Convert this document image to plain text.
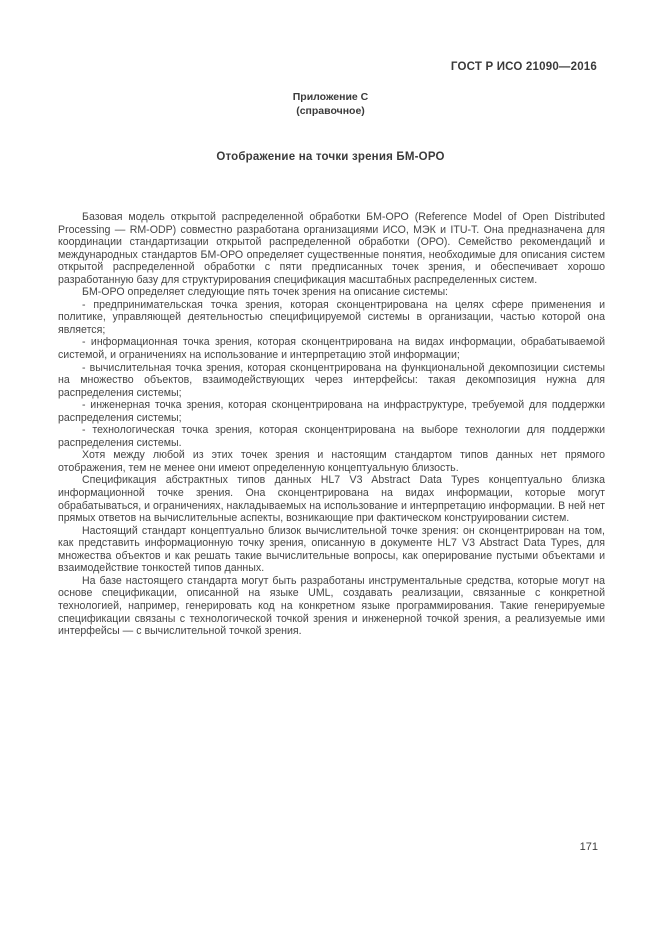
ГОСТ Р ИСО 21090—2016
Приложение С
(справочное)
Отображение на точки зрения БМ-ОРО

Базовая модель открытой распределенной обработки БМ-ОРО (Reference Model of Open Distributed Processing — RM-ODP) совместно разработана организациями ИСО, МЭК и ITU-T. Она предназначена для координации стандартизации открытой распределенной обработки (ОРО). Семейство рекомендаций и международных стандартов БМ-ОРО определяет существенные понятия, необходимые для описания систем открытой распределенной обработки с пяти предписанных точек зрения, и обеспечивает хорошо разработанную базу для структурирования спецификация масштабных распределенных систем.

БМ-ОРО определяет следующие пять точек зрения на описание системы:

- предпринимательская точка зрения, которая сконцентрирована на целях сфере применения и политике, управляющей деятельностью специфицируемой системы в организации, частью которой она является;

- информационная точка зрения, которая сконцентрирована на видах информации, обрабатываемой системой, и ограничениях на использование и интерпретацию этой информации;

- вычислительная точка зрения, которая сконцентрирована на функциональной декомпозиции системы на множество объектов, взаимодействующих через интерфейсы: такая декомпозиция нужна для распределения системы;

- инженерная точка зрения, которая сконцентрирована на инфраструктуре, требуемой для поддержки распределения системы;

- технологическая точка зрения, которая сконцентрирована на выборе технологии для поддержки распределения системы.

Хотя между любой из этих точек зрения и настоящим стандартом типов данных нет прямого отображения, тем не менее они имеют определенную концептуальную близость.

Спецификация абстрактных типов данных HL7 V3 Abstract Data Types концептуально близка информационной точке зрения. Она сконцентрирована на видах информации, которые могут обрабатываться, и ограничениях, накладываемых на использование и интерпретацию информации. В ней нет прямых ответов на вычислительные аспекты, возникающие при фактическом конструировании систем.

Настоящий стандарт концептуально близок вычислительной точке зрения: он сконцентрирован на том, как представить информационную точку зрения, описанную в документе HL7 V3 Abstract Data Types, для множества объектов и как решать такие вычислительные вопросы, как оперирование пустыми объектами и взаимодействие тонкостей типов данных.

На базе настоящего стандарта могут быть разработаны инструментальные средства, которые могут на основе спецификации, описанной на языке UML, создавать реализации, связанные с конкретной технологией, например, генерировать код на конкретном языке программирования. Такие генерируемые спецификации связаны с технологической точкой зрения и инженерной точкой зрения, а реализуемые ими интерфейсы — с вычислительной точкой зрения.

171
